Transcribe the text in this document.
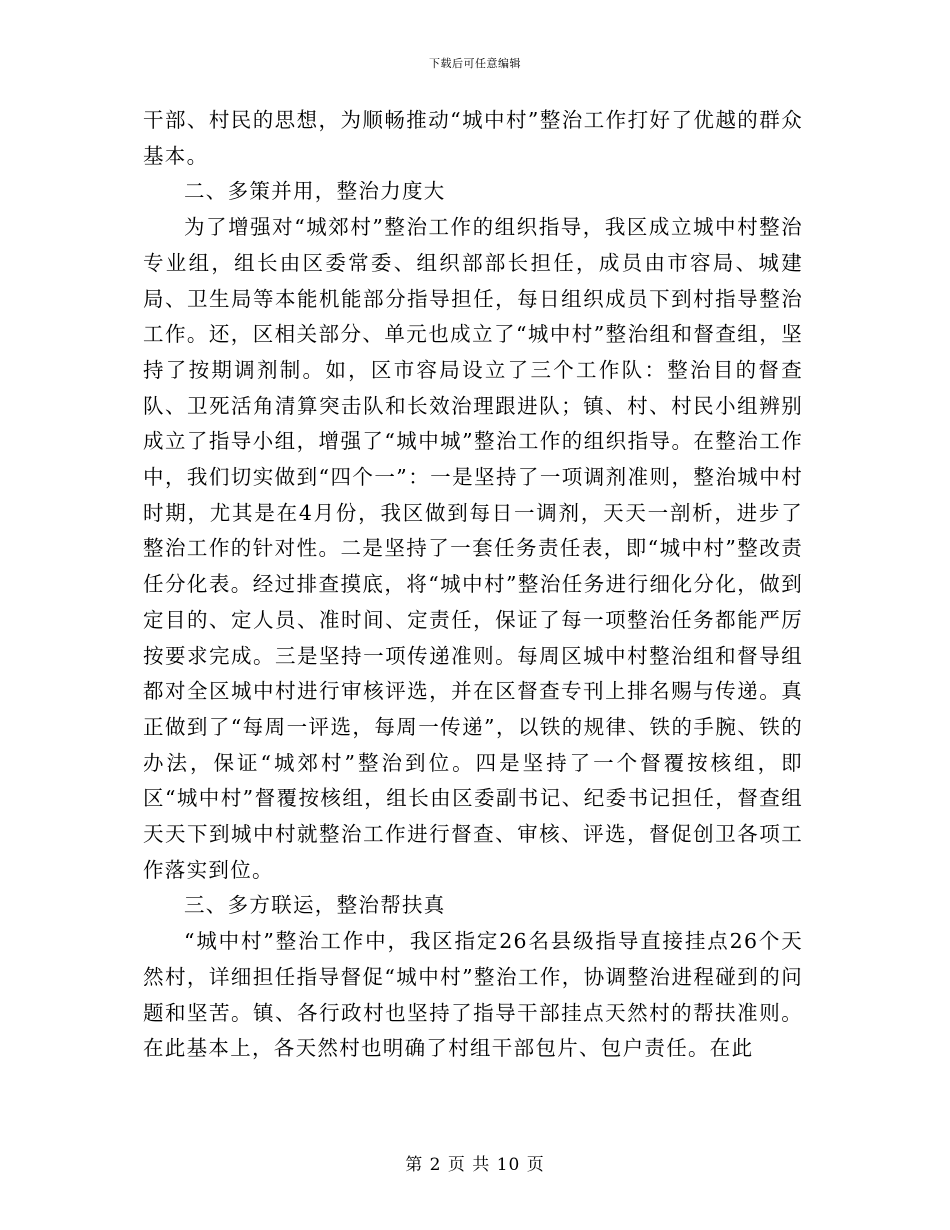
下载后可任意编辑

干部、村民的思想，为顺畅推动“城中村”整治工作打好了优越的群众基本。

二、多策并用，整治力度大

为了增强对“城郊村”整治工作的组织指导，我区成立城中村整治专业组，组长由区委常委、组织部部长担任，成员由市容局、城建局、卫生局等本能机能部分指导担任，每日组织成员下到村指导整治工作。还，区相关部分、单元也成立了“城中村”整治组和督查组，坚持了按期调剂制。如，区市容局设立了三个工作队：整治目的督查队、卫死活角清算突击队和长效治理跟进队；镇、村、村民小组辨别成立了指导小组，增强了“城中城”整治工作的组织指导。在整治工作中，我们切实做到“四个一”：一是坚持了一项调剂准则，整治城中村时期，尤其是在4月份，我区做到每日一调剂，天天一剖析，进步了整治工作的针对性。二是坚持了一套任务责任表，即“城中村”整改责任分化表。经过排查摸底，将“城中村”整治任务进行细化分化，做到定目的、定人员、准时间、定责任，保证了每一项整治任务都能严厉按要求完成。三是坚持一项传递准则。每周区城中村整治组和督导组都对全区城中村进行审核评选，并在区督查专刊上排名赐与传递。真正做到了“每周一评选，每周一传递”，以铁的规律、铁的手腕、铁的办法，保证“城郊村”整治到位。四是坚持了一个督覆按核组，即区“城中村”督覆按核组，组长由区委副书记、纪委书记担任，督查组天天下到城中村就整治工作进行督查、审核、评选，督促创卫各项工作落实到位。

三、多方联运，整治帮扶真

“城中村”整治工作中，我区指定26名县级指导直接挂点26个天然村，详细担任指导督促“城中村”整治工作，协调整治进程碰到的问题和坚苦。镇、各行政村也坚持了指导干部挂点天然村的帮扶准则。在此基本上，各天然村也明确了村组干部包片、包户责任。在此

第 2 页 共 10 页
